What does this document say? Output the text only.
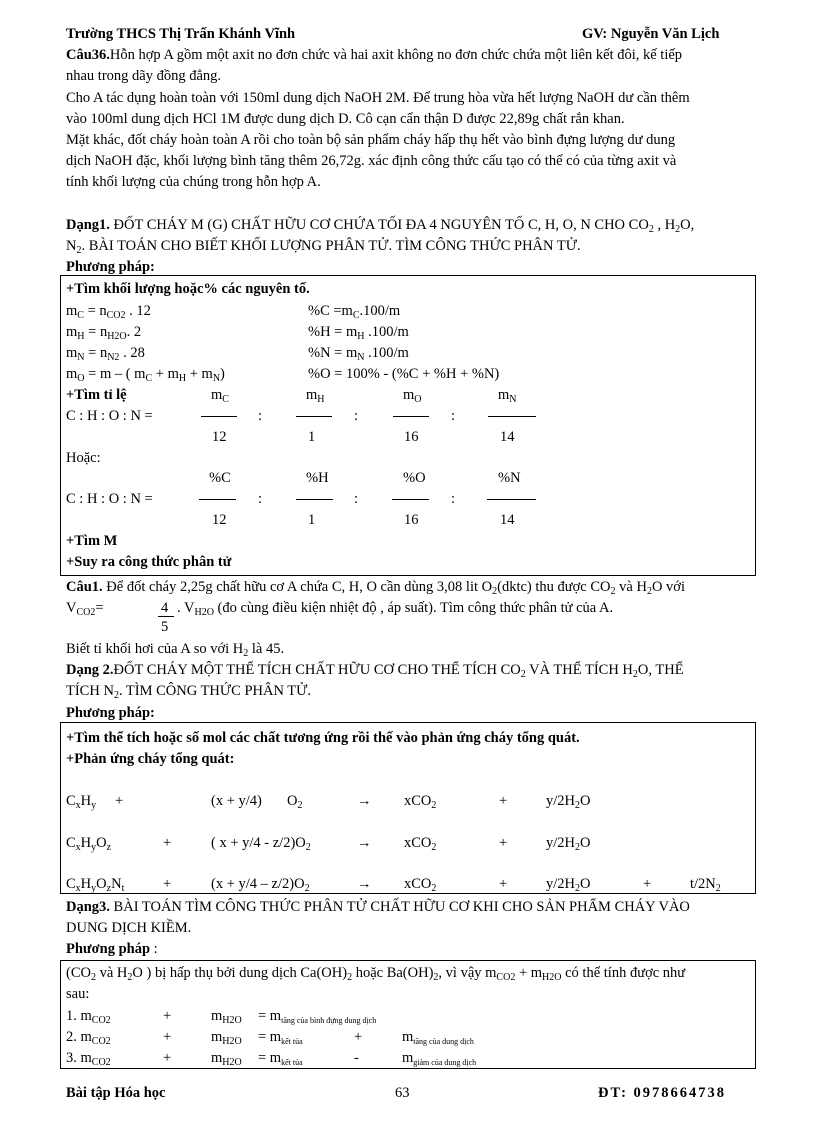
Trường THCS Thị Trấn Khánh Vĩnh	GV: Nguyễn Văn Lịch
Câu36.Hỗn hợp A gồm một axit no đơn chức và hai axit không no đơn chức chứa một liên kết đôi, kế tiếp
nhau trong dãy đồng đẳng.
Cho A tác dụng hoàn toàn với 150ml dung dịch NaOH 2M. Để trung hòa vừa hết lượng NaOH dư cần thêm
vào 100ml dung dịch HCl 1M được dung dịch D. Cô cạn cẩn thận D được 22,89g chất rắn khan.
Mặt khác, đốt cháy hoàn toàn A rồi cho toàn bộ sản phẩm cháy hấp thụ hết vào bình đựng lượng dư dung
dịch NaOH đặc, khối lượng bình tăng thêm 26,72g. xác định công thức cấu tạo có thể có của từng axit và
tính khối lượng của chúng trong hỗn hợp A.
Dạng1. ĐỐT CHÁY M (G) CHẤT HỮU CƠ CHỨA TỐI ĐA 4 NGUYÊN TỐ C, H, O, N CHO $CO_2$ , $H_2O$,
$N_2$. BÀI TOÁN CHO BIẾT KHỐI LƯỢNG PHÂN TỬ. TÌM CÔNG THỨC PHÂN TỬ.
Phương pháp:
+Tìm khối lượng hoặc% các nguyên tố.
$m_C = n_{CO2}$ . 12	$\%C =m_C.100/m$
$m_H = n_{H2O}$. 2	$\%H = m_H$ .100/m
$m_N = n_{N2}$ . 28	$\%N = m_N$ .100/m
$m_O = m$ – ( $m_C + m_H + m_N$)	%O = 100% - (%C + %H + %N)
+Tìm tỉ lệ	$m_C$	$m_H$	$m_O$	$m_N$
C : H : O : N =	:	:	:
12	1	16	14
Hoặc:
%C	%H	%O	%N
C : H : O : N =	:	:	:
12	1	16	14
+Tìm M
+Suy ra công thức phân tử
Câu1. Để đốt cháy 2,25g chất hữu cơ A chứa C, H, O cần dùng 3,08 lit $O_2(dktc)$ thu được $CO_2$ và $H_2O$ với
$V_{CO2}=$	4
5
. $V_{H2O}$ (đo cùng điều kiện nhiệt độ , áp suất). Tìm công thức phân tử của A.
Biết tỉ khối hơi của A so với $H_2$ là 45.
Dạng 2.ĐỐT CHÁY MỘT THỂ TÍCH CHẤT HỮU CƠ CHO THỂ TÍCH $CO_2$ VÀ THỂ TÍCH $H_2O$, THỂ
TÍCH $N_2$. TÌM CÔNG THỨC PHÂN TỬ.
Phương pháp:
+Tìm thể tích hoặc số mol các chất tương ứng rồi thế vào phản ứng cháy tổng quát.
+Phản ứng cháy tổng quát:
$C_xH_y$ +	(x + y/4) $O_2$	→ xCO$_2$	+	$y/2H_2O$
$C_xH_yO_z$	+	( $x + y/4 - z/2)O_2$	→ xCO$_2$	+	$y/2H_2O$
$C_xH_yO_zN_t$	+	$(x + y/4 - z/2)O_2$	→ xCO$_2$	+	$y/2H_2O$	+	$t/2N_2$
Dạng3. BÀI TOÁN TÌM CÔNG THỨC PHÂN TỬ CHẤT HỮU CƠ KHI CHO SẢN PHẨM CHÁY VÀO
DUNG DỊCH KIỀM.
Phương pháp :
($CO_2$ và $H_2O$ ) bị hấp thụ bởi dung dịch $Ca(OH)_2$ hoặc $Ba(OH)_2$, vì vậy $m_{CO2} + m_{H2O}$ có thể tính được như
sau:
1. $m_{CO2}$	+	$m_{H2O} = m_{tăng của bình đựng dung dịch}$
2. $m_{CO2}$	+	$m_{H2O} = m_{kết tủa}$	+	$m_{tăng của dung dịch}$
3. $m_{CO2}$	+	$m_{H2O} = m_{kết tủa}$	-	$m_{giảm của dung dịch}$
Bài tập Hóa học	63	ĐT: 0978664738
